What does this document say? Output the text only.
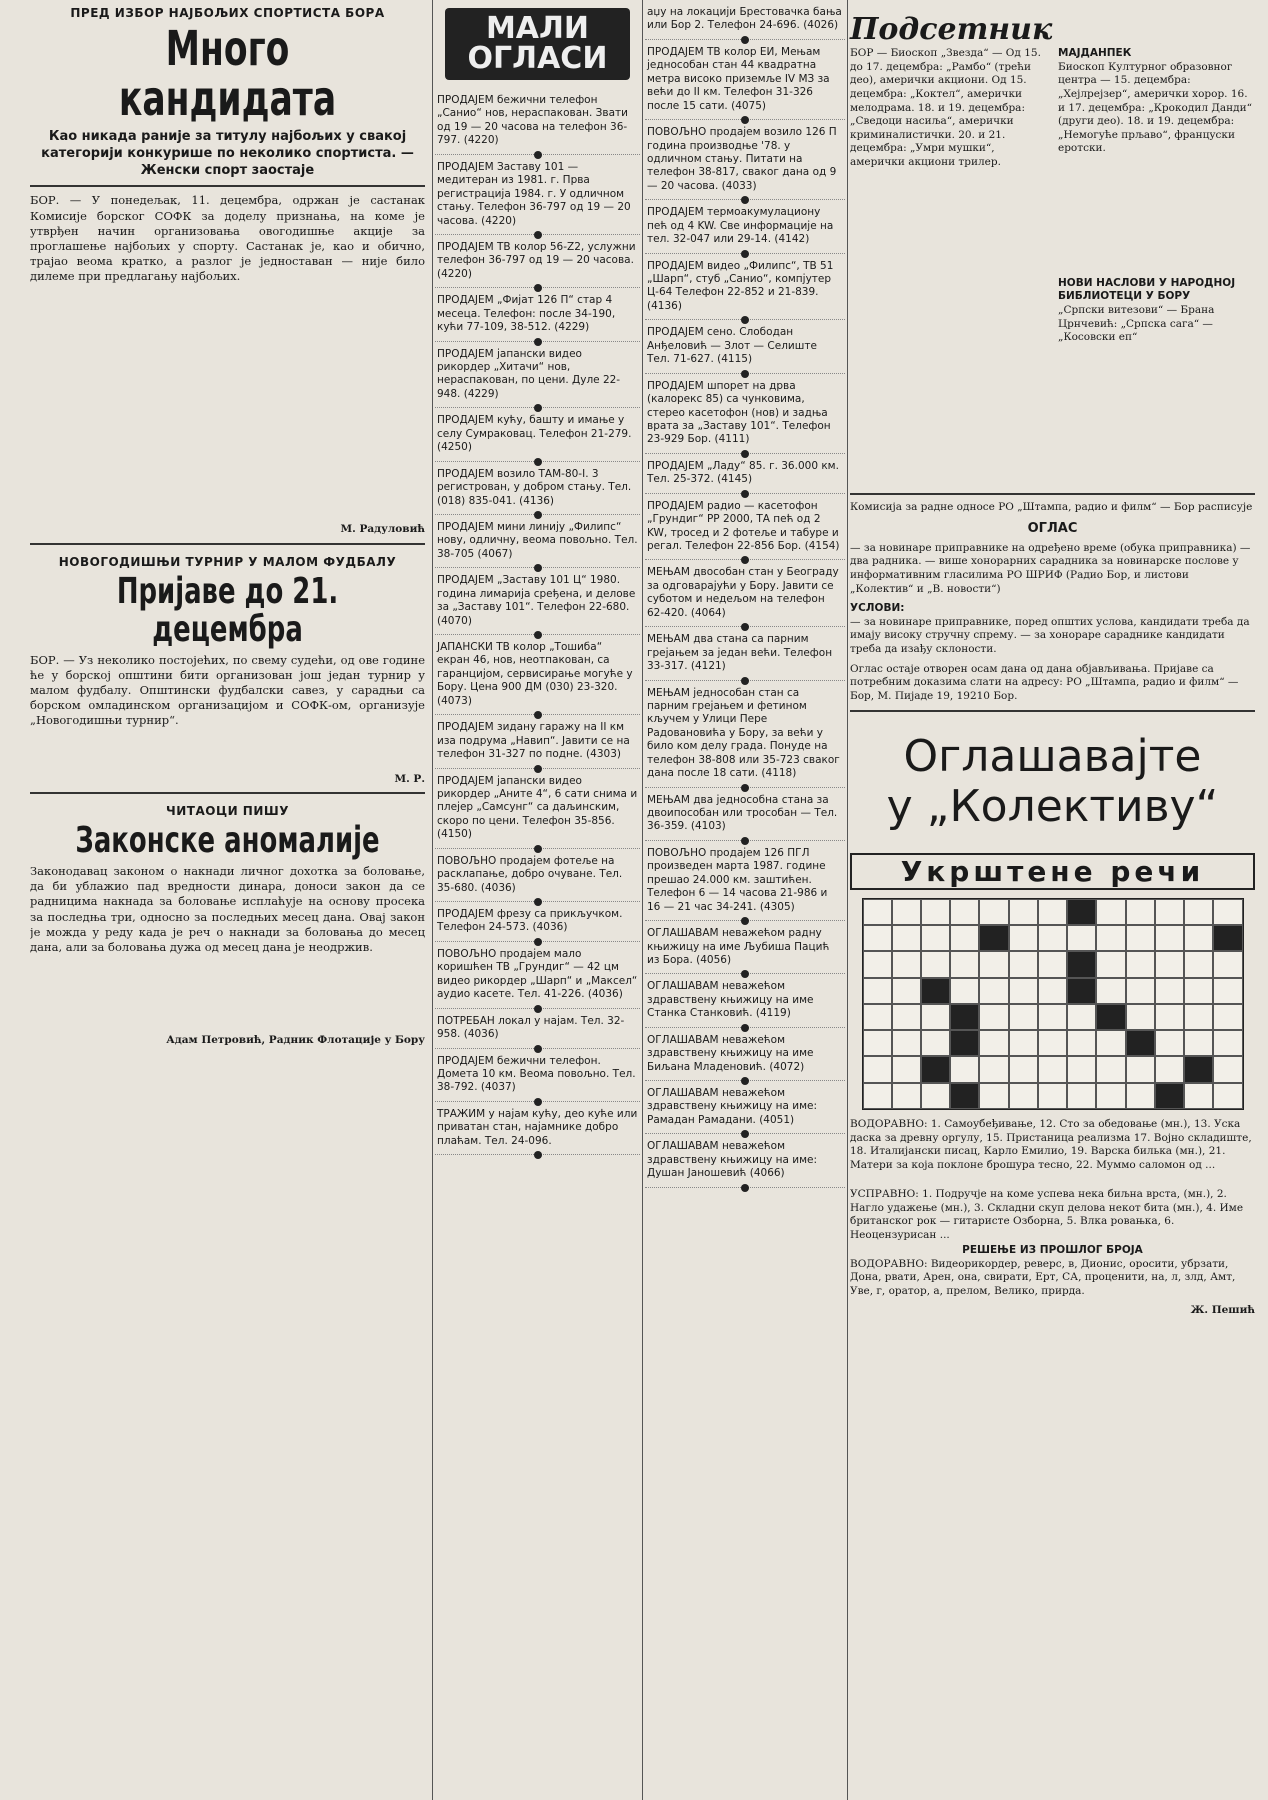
ПРЕД ИЗБОР НАЈБОЉИХ СПОРТИСТА БОРА
Много кандидата
Као никада раније за титулу најбољих у свакој категорији конкурише по неколико спортиста. — Женски спорт заостаје
БОР. — У понедељак, 11. децембра, одржан је састанак Комисије борског СОФК за доделу признања, на коме је утврђен начин организовања овогодишње акције за проглашење најбољих у спорту. Састанак је, као и обично, трајао веома кратко, а разлог је једноставан — није било дилеме при предлагању најбољих.
М. Радуловић
НОВОГОДИШЊИ ТУРНИР У МАЛОМ ФУДБАЛУ
Пријаве до 21. децембра
БОР. — Уз неколико постојећих, по свему судећи, од ове године ће у борској општини бити организован још један турнир у малом фудбалу. Општински фудбалски савез, у сарадњи са борском омладинском организацијом и СОФК-ом, организује „Новогодишњи турнир“.
М. Р.
ЧИТАОЦИ ПИШУ
Законске аномалије
Законодавац законом о накнади личног дохотка за боловање, да би ублажио пад вредности динара, доноси закон да се радницима накнада за боловање исплаћује на основу просека за последња три, односно за последњих месец дана. Овај закон је можда у реду када је реч о накнади за боловања до месец дана, али за боловања дужа од месец дана је неодржив.
Адам Петровић, Радник Флотације у Бору
МАЛИ
ОГЛАСИ
ПРОДАЈЕМ бежични телефон „Санио“ нов, нераспакован. Звати од 19 — 20 часова на телефон 36-797. (4220)
ПРОДАЈЕМ Заставу 101 — медитеран из 1981. г. Прва регистрација 1984. г. У одличном стању. Телефон 36-797 од 19 — 20 часова. (4220)
ПРОДАЈЕМ ТВ колор 56-Z2, услужни телефон 36-797 од 19 — 20 часова. (4220)
ПРОДАЈЕМ „Фијат 126 П“ стар 4 месеца. Телефон: после 34-190, кући 77-109, 38-512. (4229)
ПРОДАЈЕМ јапански видео рикордер „Хитачи“ нов, нераспакован, по цени. Дуле 22-948. (4229)
ПРОДАЈЕМ кућу, башту и имање у селу Сумраковац. Телефон 21-279. (4250)
ПРОДАЈЕМ возило ТАМ-80-І. 3 регистрован, у добром стању. Тел. (018) 835-041. (4136)
ПРОДАЈЕМ мини линију „Филипс“ нову, одличну, веома повољно. Тел. 38-705 (4067)
ПРОДАЈЕМ „Заставу 101 Ц“ 1980. година лимарија сређена, и делове за „Заставу 101“. Телефон 22-680. (4070)
ЈАПАНСКИ ТВ колор „Тошиба“ екран 46, нов, неотпакован, са гаранцијом, сервисирање могуће у Бору. Цена 900 ДМ (030) 23-320. (4073)
ПРОДАЈЕМ зидану гаражу на II км иза подрума „Навип“. Јавити се на телефон 31-327 по подне. (4303)
ПРОДАЈЕМ јапански видео рикордер „Аните 4“, 6 сати снима и плејер „Самсунг“ са даљинским, скоро по цени. Телефон 35-856. (4150)
ПОВОЉНО продајем фотеље на расклапање, добро очуване. Тел. 35-680. (4036)
ПРОДАЈЕМ фрезу са прикључком. Телефон 24-573. (4036)
ПОВОЉНО продајем мало коришћен ТВ „Грундиг“ — 42 цм видео рикордер „Шарп“ и „Максел“ аудио касете. Тел. 41-226. (4036)
ПОТРЕБАН локал у најам. Тел. 32-958. (4036)
ПРОДАЈЕМ бежични телефон. Домета 10 км. Веома повољно. Тел. 38-792. (4037)
ТРАЖИМ у најам кућу, део куће или приватан стан, најамнике добро плаћам. Тел. 24-096.
аџу на локацији Брестовачка бања или Бор 2. Телефон 24-696. (4026)
ПРОДАЈЕМ ТВ колор ЕИ, Мењам једнособан стан 44 квадратна метра високо приземље IV МЗ за већи до II км. Телефон 31-326 после 15 сати. (4075)
ПОВОЉНО продајем возило 126 П година производње '78. у одличном стању. Питати на телефон 38-817, сваког дана од 9 — 20 часова. (4033)
ПРОДАЈЕМ термоакумулациону пећ од 4 KW. Све информације на тел. 32-047 или 29-14. (4142)
ПРОДАЈЕМ видео „Филипс“, ТВ 51 „Шарп“, стуб „Санио“, компјутер Ц-64 Телефон 22-852 и 21-839. (4136)
ПРОДАЈЕМ сено. Слободан Анђеловић — Злот — Селиште Тел. 71-627. (4115)
ПРОДАЈЕМ шпорет на дрва (калорекс 85) са чунковима, стерео касетофон (нов) и задња врата за „Заставу 101“. Телефон 23-929 Бор. (4111)
ПРОДАЈЕМ „Ладу“ 85. г. 36.000 км. Тел. 25-372. (4145)
ПРОДАЈЕМ радио — касетофон „Грундиг“ РР 2000, ТА пећ од 2 KW, тросед и 2 фотеље и табуре и регал. Телефон 22-856 Бор. (4154)
МЕЊАМ двособан стан у Београду за одговарајући у Бору. Јавити се суботом и недељом на телефон 62-420. (4064)
МЕЊАМ два стана са парним грејањем за један већи. Телефон 33-317. (4121)
МЕЊАМ једнособан стан са парним грејањем и фетином кључем у Улици Пере Радовановића у Бору, за већи у било ком делу града. Понуде на телефон 38-808 или 35-723 сваког дана после 18 сати. (4118)
МЕЊАМ два једнособна стана за двоипособан или трособан — Тел. 36-359. (4103)
ПОВОЉНО продајем 126 ПГЛ произведен марта 1987. године прешао 24.000 км. заштићен. Телефон 6 — 14 часова 21-986 и 16 — 21 час 34-241. (4305)
ОГЛАШАВАМ неважећом радну књижицу на име Љубиша Пацић из Бора. (4056)
ОГЛАШАВАМ неважећом здравствену књижицу на име Станка Станковић. (4119)
ОГЛАШАВАМ неважећом здравствену књижицу на име Биљана Младеновић. (4072)
ОГЛАШАВАМ неважећом здравствену књижицу на име: Рамадан Рамадани. (4051)
ОГЛАШАВАМ неважећом здравствену књижицу на име: Душан Јаношевић (4066)
Подсетник
БОР — Биоскоп „Звезда“ — Од 15. до 17. децембра: „Рамбо“ (трећи део), амерички акциони. Од 15. децембра: „Коктел“, амерички мелодрама. 18. и 19. децембра: „Сведоци насиља“, амерички криминалистички. 20. и 21. децембра: „Умри мушки“, амерички акциони трилер.
МАЈДАНПЕК
Биоскоп Културног образовног центра — 15. децембра: „Хејлрејзер“, амерички хорор. 16. и 17. децембра: „Крокодил Данди“ (други део). 18. и 19. децембра: „Немогуће прљаво“, француски еротски.
НОВИ НАСЛОВИ У НАРОДНОЈ БИБЛИОТЕЦИ У БОРУ
„Српски витезови“ — Брана Црнчевић: „Српска сага“ — „Косовски еп“
Комисија за радне односе РО „Штампа, радио и филм“ — Бор расписује
ОГЛАС
— за новинаре приправнике на одређено време (обука приправника) — два радника. — више хонорарних сарадника за новинарске послове у информативним гласилима РО ШРИФ (Радио Бор, и листови „Колектив“ и „В. новости“)
УСЛОВИ:
— за новинаре приправнике, поред општих услова, кандидати треба да имају високу стручну спрему. — за хонораре сараднике кандидати треба да изађу склоности.
Оглас остаје отворен осам дана од дана објављивања. Пријаве са потребним доказима слати на адресу: РО „Штампа, радио и филм“ — Бор, М. Пијаде 19, 19210 Бор.
Оглашавајте
у „Колективу“
Укрштене речи
ВОДОРАВНО: 1. Самоубеђивање, 12. Сто за обедовање (мн.), 13. Уска даска за древну оргулу, 15. Пристаница реализма 17. Војно складиште, 18. Италијански писац, Карло Емилио, 19. Варска билька (мн.), 21. Матери за која поклоне брошура тесно, 22. Муммо саломон од ...
УСПРАВНО: 1. Подручје на коме успева нека биљна врста, (мн.), 2. Нагло удажење (мн.), 3. Складни скуп делова некот бита (мн.), 4. Име британског рок — гитаристе Озборна, 5. Влка ровањка, 6. Неоцензурисан ...
РЕШЕЊЕ ИЗ ПРОШЛОГ БРОЈА
ВОДОРАВНО: Видеорикордер, реверс, в, Дионис, оросити, убрзати, Дона, рвати, Арен, она, свирати, Ерт, СА, проценити, на, л, злд, Амт, Уве, г, оратор, а, прелом, Велико, прирда.
Ж. Пешић
